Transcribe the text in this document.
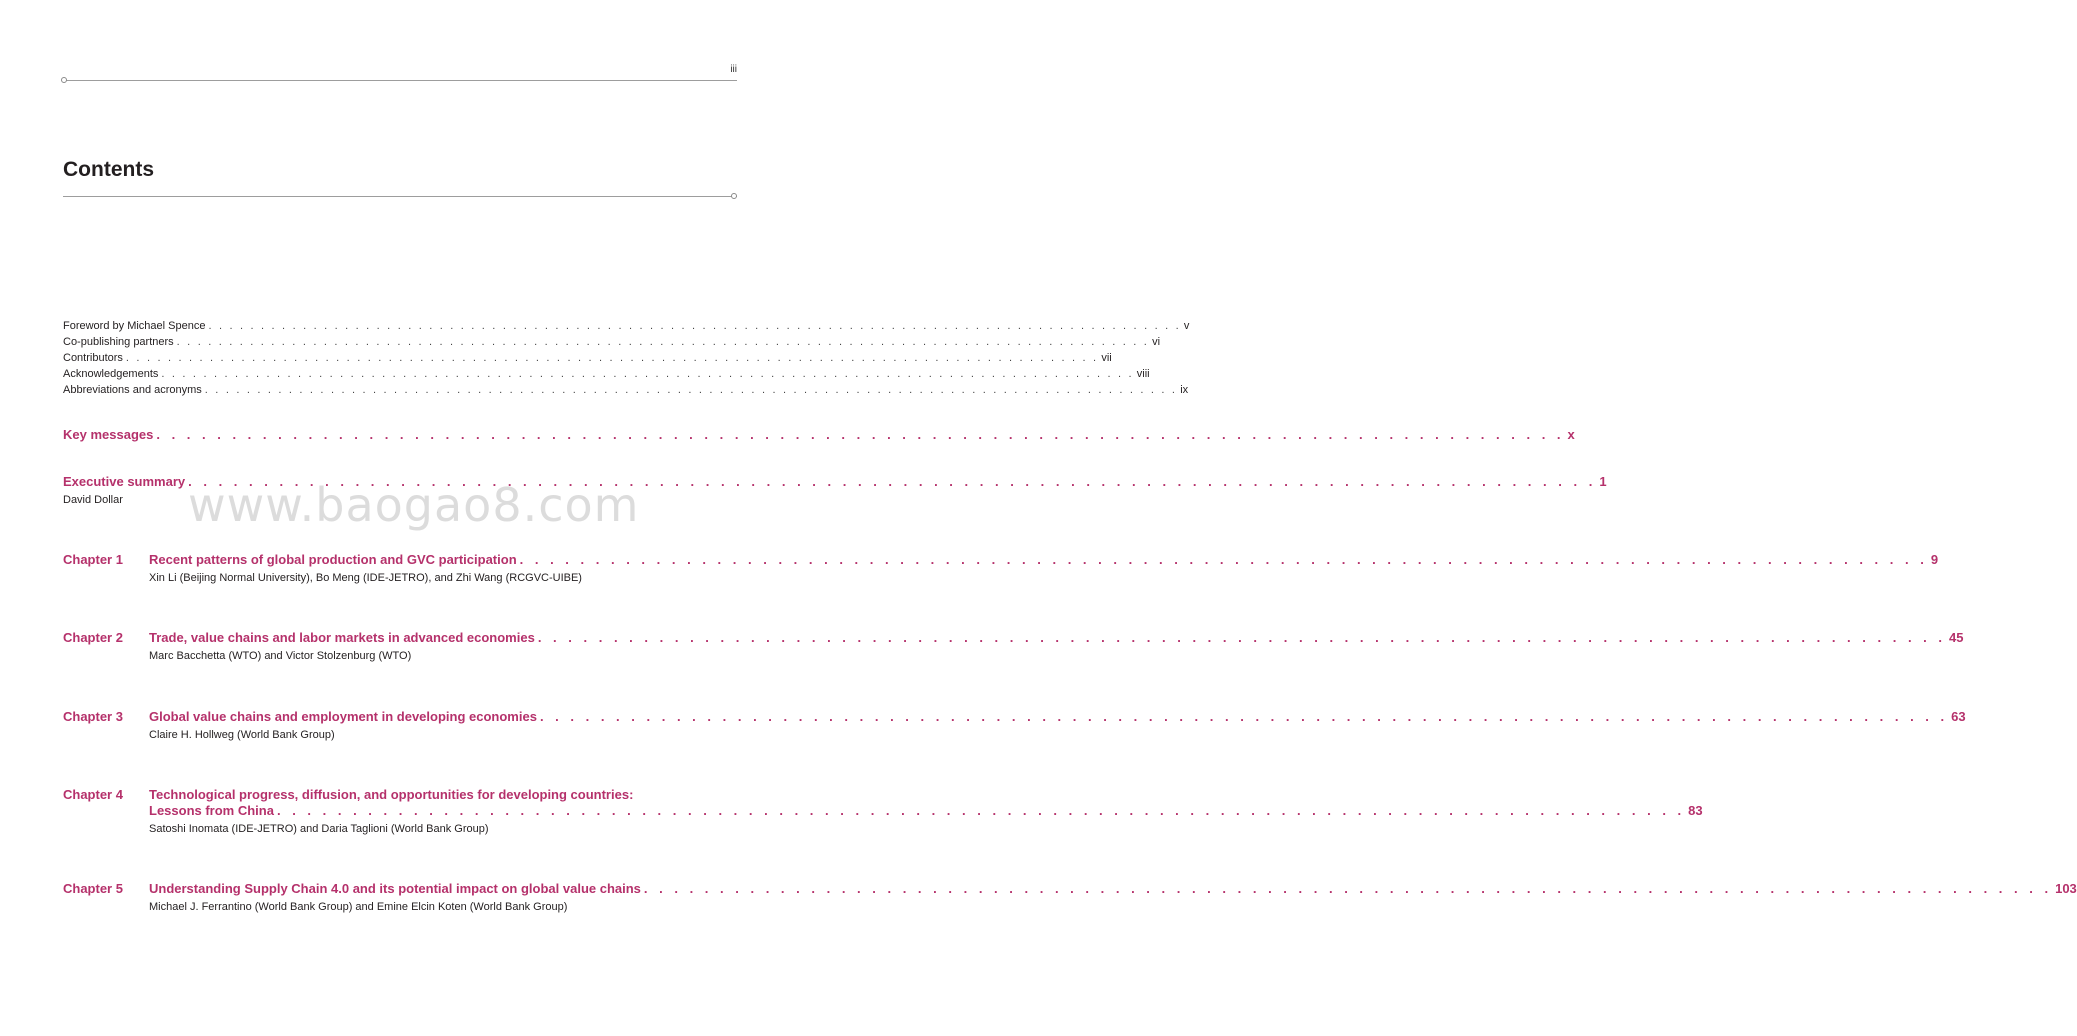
iii
Contents
Foreword by Michael Spence . . . . . . . . . . . . . . . . . . . . . . . . . . . . . . . . . . . . . . . . . . . . . . . . . . . . . . . . . . . . . . . . . . . . . . . . . . . . . . . . . . . . . . . . . . . . . v
Co-publishing partners . . . . . . . . . . . . . . . . . . . . . . . . . . . . . . . . . . . . . . . . . . . . . . . . . . . . . . . . . . . . . . . . . . . . . . . . . . . . . . . . . . . . . . . . . . . . . vi
Contributors . . . . . . . . . . . . . . . . . . . . . . . . . . . . . . . . . . . . . . . . . . . . . . . . . . . . . . . . . . . . . . . . . . . . . . . . . . . . . . . . . . . . . . . . . . . . . vii
Acknowledgements . . . . . . . . . . . . . . . . . . . . . . . . . . . . . . . . . . . . . . . . . . . . . . . . . . . . . . . . . . . . . . . . . . . . . . . . . . . . . . . . . . . . . . . . . . . . . viii
Abbreviations and acronyms . . . . . . . . . . . . . . . . . . . . . . . . . . . . . . . . . . . . . . . . . . . . . . . . . . . . . . . . . . . . . . . . . . . . . . . . . . . . . . . . . . . . . . . . . . . . . ix
Key messages . . . . . . . . . . . . . . . . . . . . . . . . . . . . . . . . . . . . . . . . . . . . . . . . . . . . . . . . . . . . . . . . . . . . . . . . . . . . . . . . . . . . . . . . . . . . . x
Executive summary . . . . . . . . . . . . . . . . . . . . . . . . . . . . . . . . . . . . . . . . . . . . . . . . . . . . . . . . . . . . . . . . . . . . . . . . . . . . . . . . . . . . . . . . . . . . . 1
David Dollar	www.baogao8.com
Chapter 1	Recent patterns of global production and GVC participation . . . . . . . . . . . . . . . . . . . . . . . . . . . . . . . . . . . . . . . . . . . . . . . . . . . . . . . . . . . . . . . . . . . . . . . . . . . . . . . . . . . . . . . . . . . . . 9
Xin Li (Beijing Normal University), Bo Meng (IDE-JETRO), and Zhi Wang (RCGVC-UIBE)
Chapter 2	Trade, value chains and labor markets in advanced economies . . . . . . . . . . . . . . . . . . . . . . . . . . . . . . . . . . . . . . . . . . . . . . . . . . . . . . . . . . . . . . . . . . . . . . . . . . . . . . . . . . . . . . . . . . . . . 45
Marc Bacchetta (WTO) and Victor Stolzenburg (WTO)
Chapter 3	Global value chains and employment in developing economies . . . . . . . . . . . . . . . . . . . . . . . . . . . . . . . . . . . . . . . . . . . . . . . . . . . . . . . . . . . . . . . . . . . . . . . . . . . . . . . . . . . . . . . . . . . . . 63
Claire H. Hollweg (World Bank Group)
Chapter 4	Technological progress, diffusion, and opportunities for developing countries:
Lessons from China . . . . . . . . . . . . . . . . . . . . . . . . . . . . . . . . . . . . . . . . . . . . . . . . . . . . . . . . . . . . . . . . . . . . . . . . . . . . . . . . . . . . . . . . . . . . . 83
Satoshi Inomata (IDE-JETRO) and Daria Taglioni (World Bank Group)
Chapter 5	Understanding Supply Chain 4.0 and its potential impact on global value chains . . . . . . . . . . . . . . . . . . . . . . . . . . . . . . . . . . . . . . . . . . . . . . . . . . . . . . . . . . . . . . . . . . . . . . . . . . . . . . . . . . . . . . . . . . . . . 103
Michael J. Ferrantino (World Bank Group) and Emine Elcin Koten (World Bank Group)
